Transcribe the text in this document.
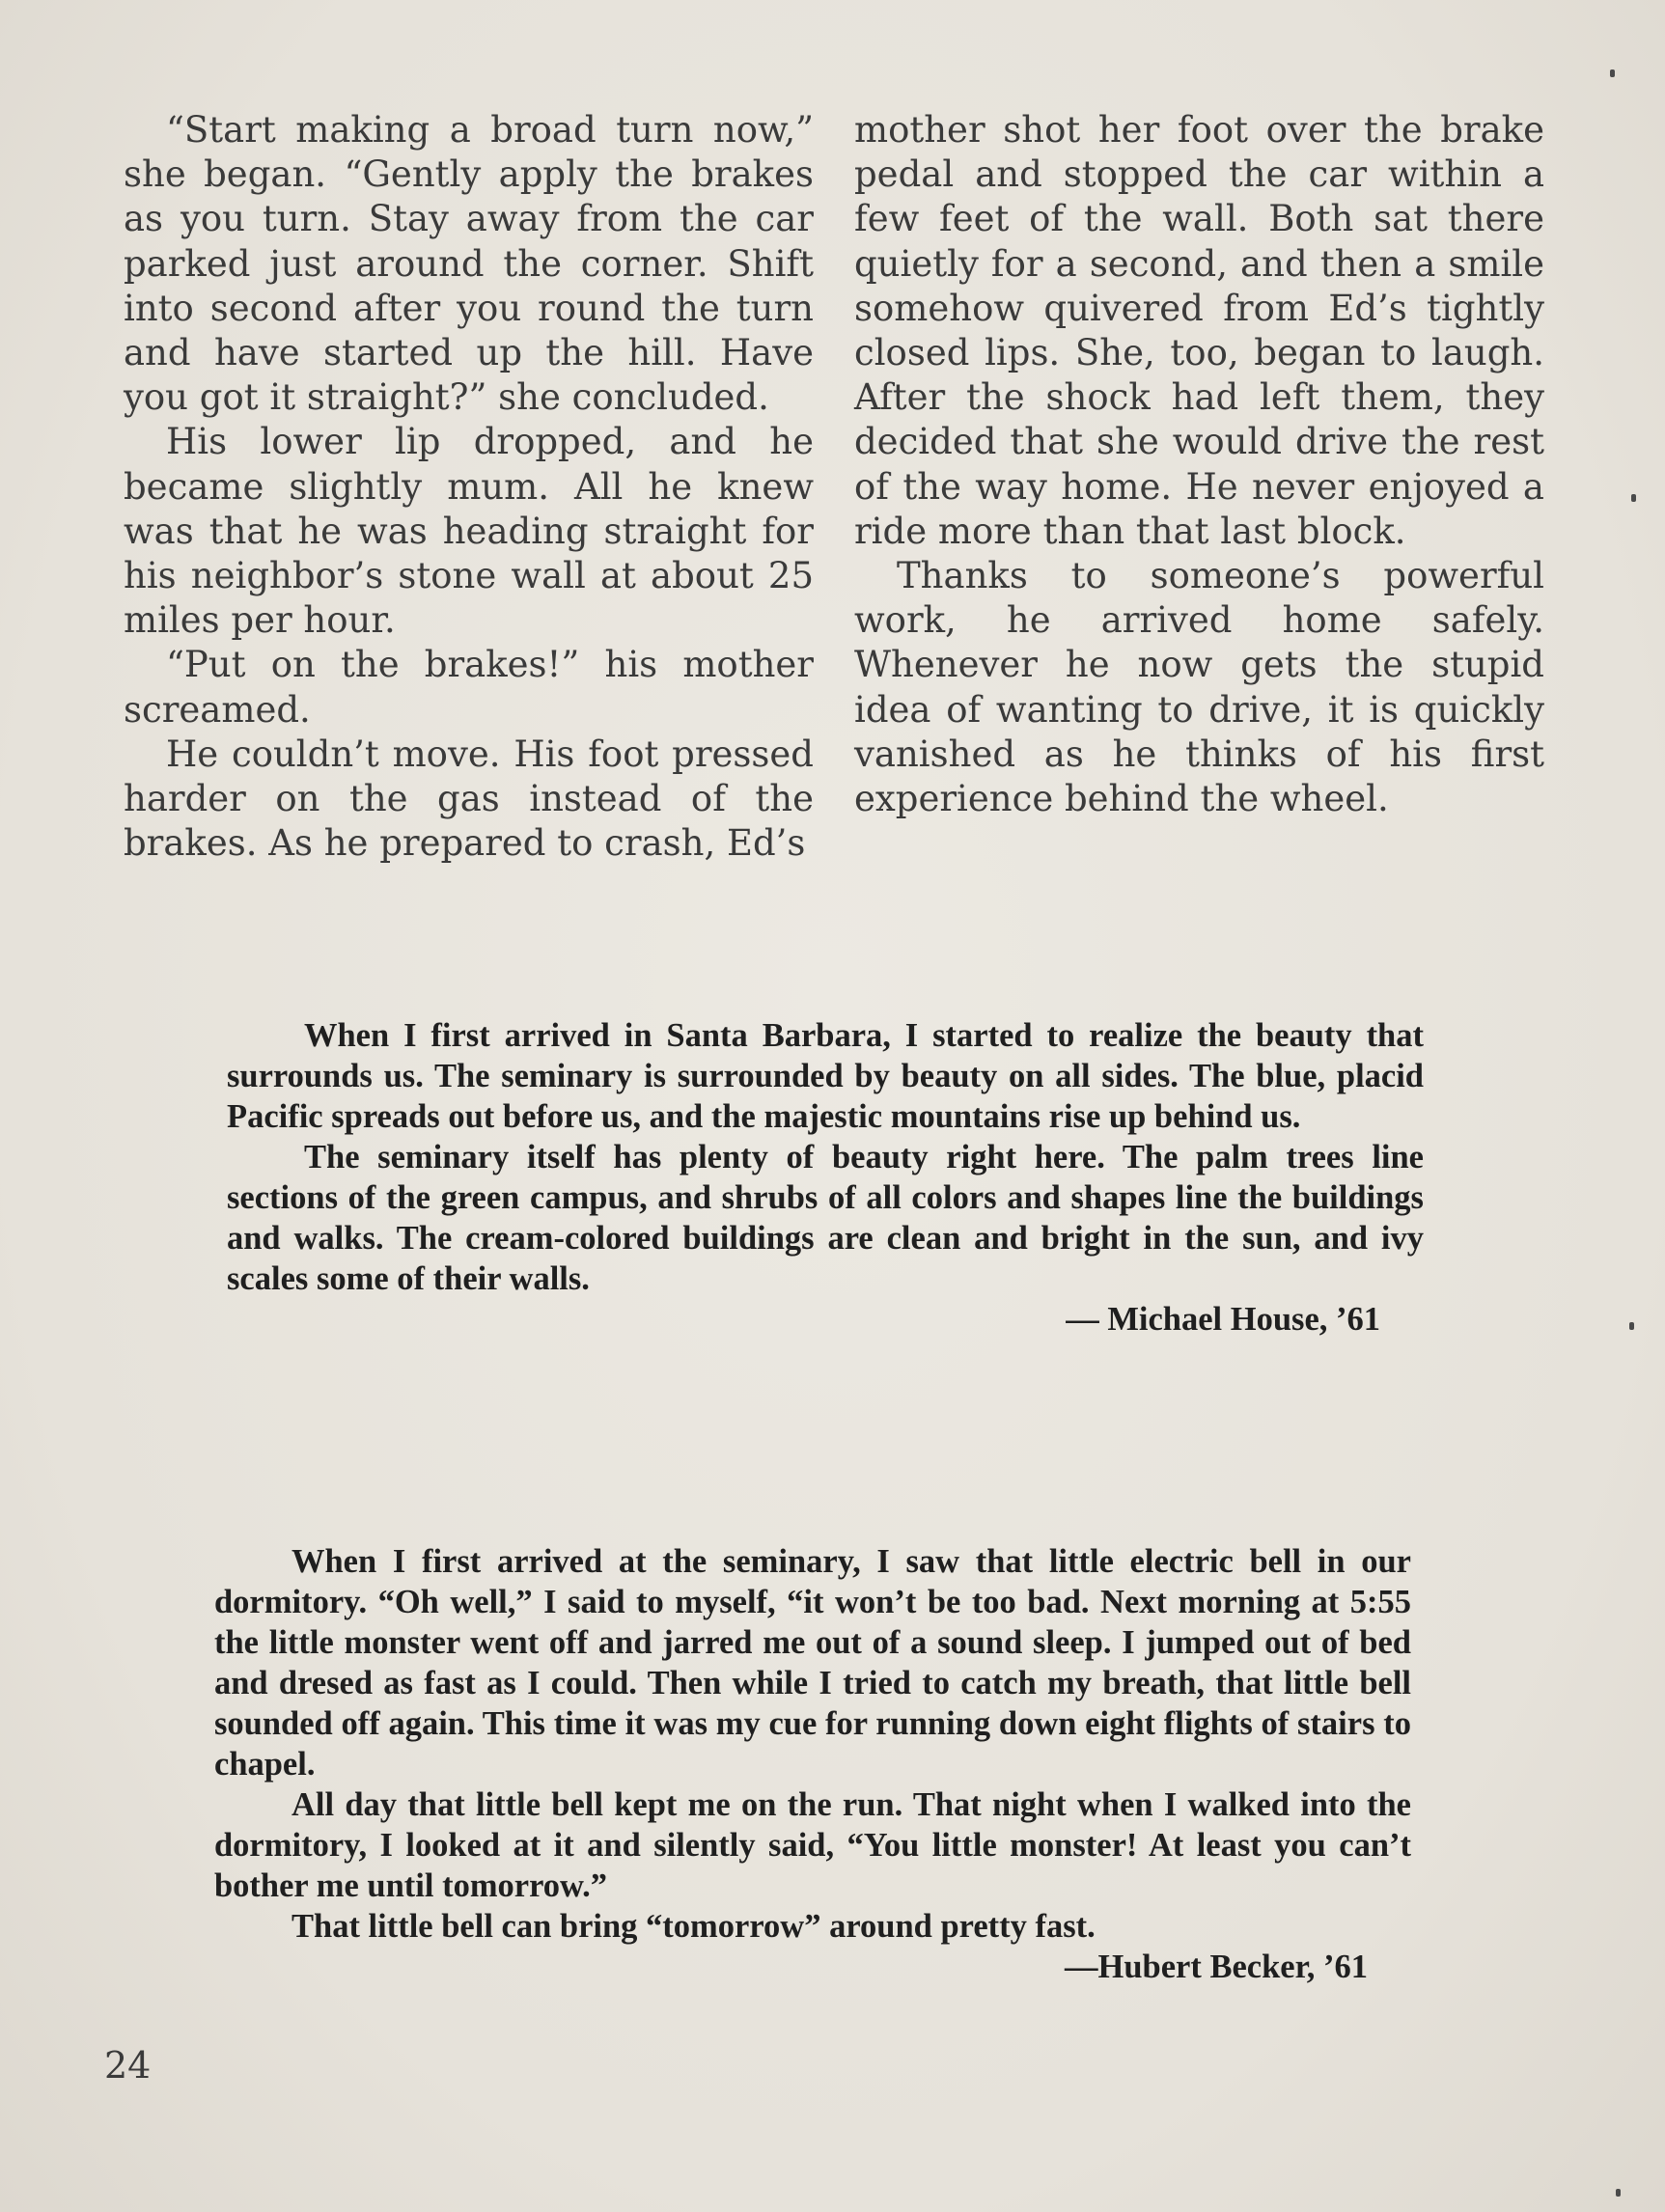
“Start making a broad turn now,” she began. “Gently apply the brakes as you turn. Stay away from the car parked just around the corner. Shift into second after you round the turn and have started up the hill. Have you got it straight?” she concluded.

His lower lip dropped, and he became slightly mum. All he knew was that he was heading straight for his neighbor’s stone wall at about 25 miles per hour.

“Put on the brakes!” his mother screamed.

He couldn’t move. His foot pressed harder on the gas instead of the brakes. As he prepared to crash, Ed’s

mother shot her foot over the brake pedal and stopped the car within a few feet of the wall. Both sat there quietly for a second, and then a smile somehow quivered from Ed’s tightly closed lips. She, too, began to laugh. After the shock had left them, they decided that she would drive the rest of the way home. He never enjoyed a ride more than that last block.

Thanks to someone’s powerful work, he arrived home safely. Whenever he now gets the stupid idea of wanting to drive, it is quickly vanished as he thinks of his first experience behind the wheel.

When I first arrived in Santa Barbara, I started to realize the beauty that surrounds us. The seminary is surrounded by beauty on all sides. The blue, placid Pacific spreads out before us, and the majestic mountains rise up behind us.

The seminary itself has plenty of beauty right here. The palm trees line sections of the green campus, and shrubs of all colors and shapes line the buildings and walks. The cream-colored buildings are clean and bright in the sun, and ivy scales some of their walls.

— Michael House, ’61

When I first arrived at the seminary, I saw that little electric bell in our dormitory. “Oh well,” I said to myself, “it won’t be too bad. Next morning at 5:55 the little monster went off and jarred me out of a sound sleep. I jumped out of bed and dresed as fast as I could. Then while I tried to catch my breath, that little bell sounded off again. This time it was my cue for running down eight flights of stairs to chapel.

All day that little bell kept me on the run. That night when I walked into the dormitory, I looked at it and silently said, “You little monster! At least you can’t bother me until tomorrow.”

That little bell can bring “tomorrow” around pretty fast.

—Hubert Becker, ’61

24
